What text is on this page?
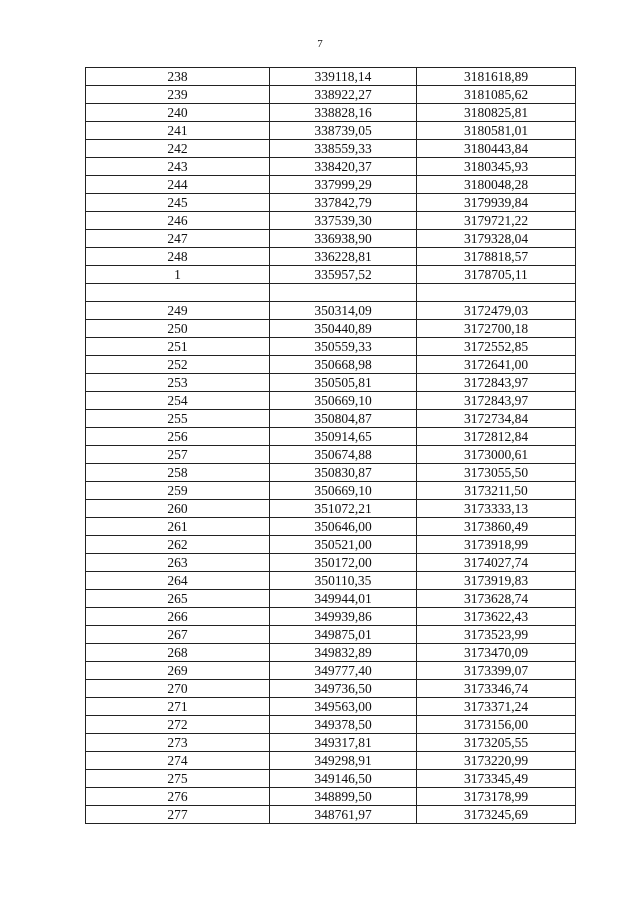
7
238	339118,14	3181618,89
239	338922,27	3181085,62
240	338828,16	3180825,81
241	338739,05	3180581,01
242	338559,33	3180443,84
243	338420,37	3180345,93
244	337999,29	3180048,28
245	337842,79	3179939,84
246	337539,30	3179721,22
247	336938,90	3179328,04
248	336228,81	3178818,57
1	335957,52	3178705,11

249	350314,09	3172479,03
250	350440,89	3172700,18
251	350559,33	3172552,85
252	350668,98	3172641,00
253	350505,81	3172843,97
254	350669,10	3172843,97
255	350804,87	3172734,84
256	350914,65	3172812,84
257	350674,88	3173000,61
258	350830,87	3173055,50
259	350669,10	3173211,50
260	351072,21	3173333,13
261	350646,00	3173860,49
262	350521,00	3173918,99
263	350172,00	3174027,74
264	350110,35	3173919,83
265	349944,01	3173628,74
266	349939,86	3173622,43
267	349875,01	3173523,99
268	349832,89	3173470,09
269	349777,40	3173399,07
270	349736,50	3173346,74
271	349563,00	3173371,24
272	349378,50	3173156,00
273	349317,81	3173205,55
274	349298,91	3173220,99
275	349146,50	3173345,49
276	348899,50	3173178,99
277	348761,97	3173245,69
